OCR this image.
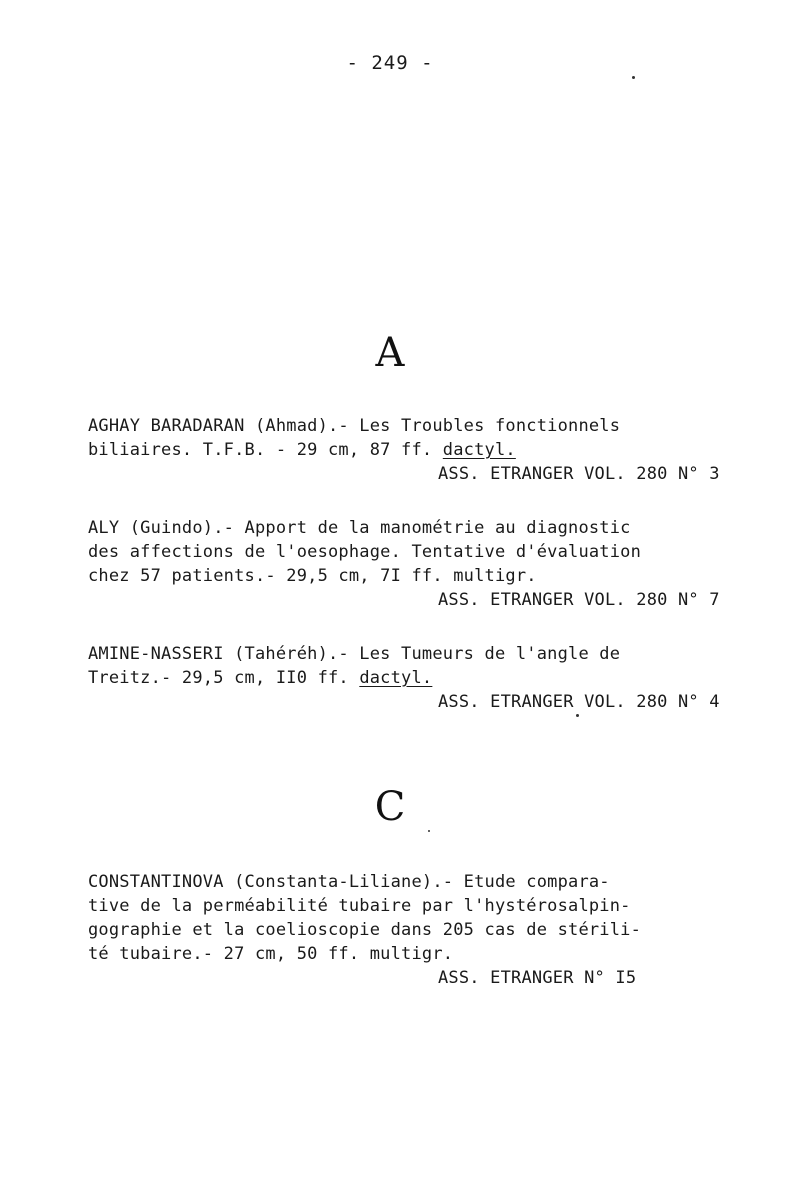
- 249 -
A
AGHAY BARADARAN (Ahmad).- Les Troubles fonctionnels
biliaires. T.F.B. - 29 cm, 87 ff. dactyl.
ASS. ETRANGER VOL. 280 N° 3
ALY (Guindo).- Apport de la manométrie au diagnostic
des affections de l'oesophage. Tentative d'évaluation
chez 57 patients.- 29,5 cm, 7I ff. multigr.
ASS. ETRANGER VOL. 280 N° 7
AMINE-NASSERI (Tahéréh).- Les Tumeurs de l'angle de
Treitz.- 29,5 cm, II0 ff. dactyl.
ASS. ETRANGER VOL. 280 N° 4
C
CONSTANTINOVA (Constanta-Liliane).- Etude compara-
tive de la perméabilité tubaire par l'hystérosalpin-
gographie et la coelioscopie dans 205 cas de stérili-
té tubaire.- 27 cm, 50 ff. multigr.
ASS. ETRANGER N° I5
